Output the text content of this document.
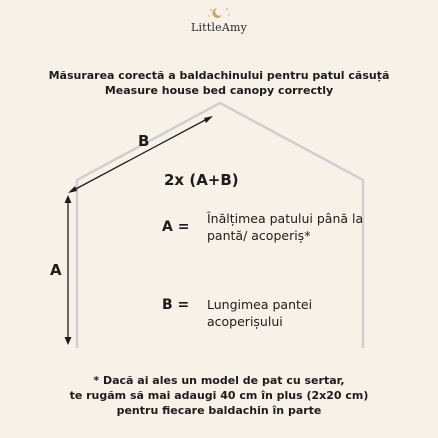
LittleAmy
Măsurarea corectă a baldachinului pentru patul căsuță
Measure house bed canopy correctly
B
A
2x (A+B)
A =
Înălțimea patului până la pantă/ acoperiș*
B = Lungimea pantei acoperișului
* Dacă ai ales un model de pat cu sertar,
te rugăm să mai adaugi 40 cm în plus (2x20 cm)
pentru fiecare baldachin în parte
